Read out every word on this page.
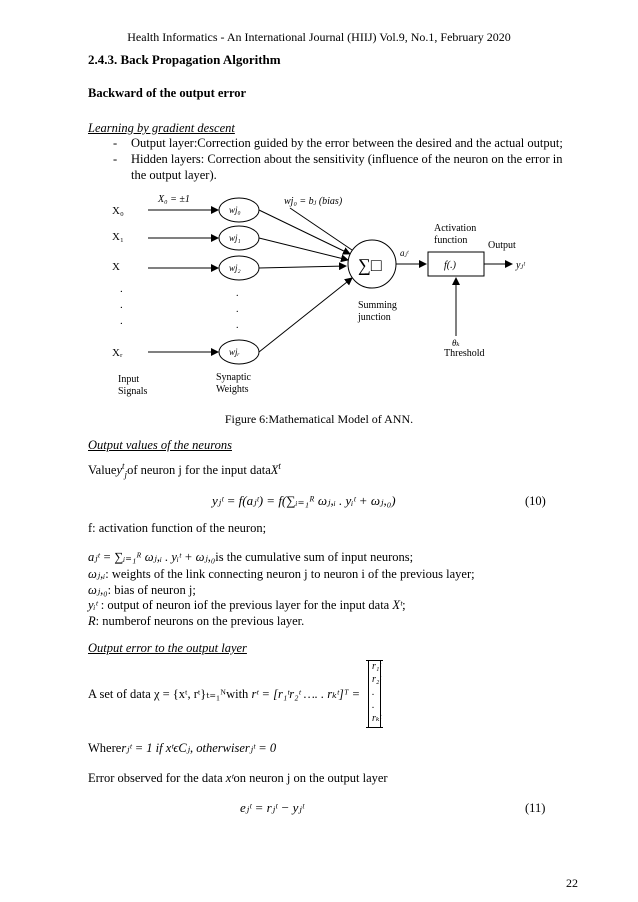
Health Informatics - An International Journal (HIIJ) Vol.9, No.1, February 2020
2.4.3. Back Propagation Algorithm
Backward of the output error
Learning by gradient descent
- Output layer:Correction guided by the error between the desired and the actual output;
- Hidden layers: Correction about the sensitivity (influence of the neuron on the error in
the output layer).
X₀
X₁
X
.
.
.
Xᵣ
X₀ = ±1
wj₀
wj₁
wj₂
wjᵣ
.
.
.
wj₀ = bⱼ (bias)
∑□
Summing
junction
aⱼᵗ
Activation
function
f(.)
Output
yⱼᵗ
θₖ
Threshold
Input
Signals
Synaptic
Weights
Figure 6:Mathematical Model of ANN.
Output values of the neurons
Valuey$^t_j$of neuron j for the input dataX$^t$
yⱼᵗ = f(aⱼᵗ) = f(∑ᵢ₌₁ᴿ ωⱼ,ᵢ . yᵢᵗ + ωⱼ,₀)	(10)
f: activation function of the neuron;
aⱼᵗ = ∑ᵢ₌₁ᴿ ωⱼ,ᵢ . yᵢᵗ + ωⱼ,₀is the cumulative sum of input neurons;
ωⱼ,ᵢ: weights of the link connecting neuron j to neuron i of the previous layer;
ωⱼ,₀: bias of neuron j;
yᵢᵗ : output of neuron iof the previous layer for the input data Xᵗ;
R: numberof neurons on the previous layer.
Output error to the output layer
A set of data χ = {xᵗ, rᵗ}ₜ₌₁ᴺwith rᵗ = [r₁ᵗr₂ᵗ …. . rₖᵗ]ᵀ =
r₁ᵗ
r₂ᵗ
.
.
rₖᵗ
Whererⱼᵗ = 1 if xᵗϵCⱼ, otherwiserⱼᵗ = 0
Error observed for the data xᵗon neuron j on the output layer
eⱼᵗ = rⱼᵗ − yⱼᵗ	(11)
22
